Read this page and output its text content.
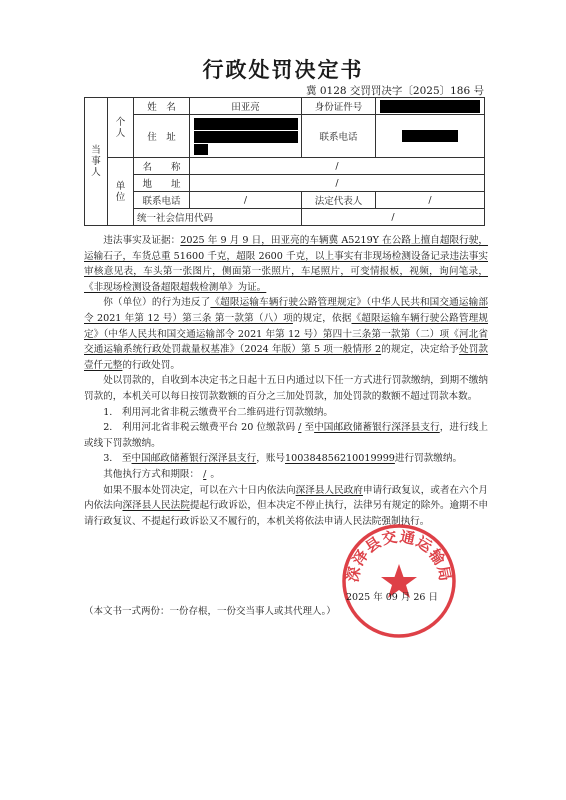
行政处罚决定书
冀 0128 交罚罚决字〔2025〕186 号
当事人	个人	姓　名	田亚亮	身份证件号	
		住　址		联系电话	
	单位	名　　称	/		
		地　　址	/		
		联系电话	/	法定代表人	/
		统一社会信用代码		/	

违法事实及证据：2025 年 9 月 9 日，田亚亮的车辆冀 A5219Y 在公路上擅自超限行驶，运输石子，车货总重 51600 千克，超限 2600 千克，以上事实有非现场检测设备记录违法事实审核意见表，车头第一张图片，侧面第一张照片，车尾照片，可变情报板，视频，询问笔录，《非现场检测设备超限超载检测单》为证。

你（单位）的行为违反了《超限运输车辆行驶公路管理规定》（中华人民共和国交通运输部令 2021 年第 12 号）第三条 第一款第（八）项的规定，依据《超限运输车辆行驶公路管理规定》（中华人民共和国交通运输部令 2021 年第 12 号）第四十三条第一款第（二）项《河北省交通运输系统行政处罚裁量权基准》（2024 年版）第 5 项一般情形 2的规定，决定给予处罚款壹仟元整的行政处罚。

处以罚款的，自收到本决定书之日起十五日内通过以下任一方式进行罚款缴纳，到期不缴纳罚款的，本机关可以每日按罚款数额的百分之三加处罚款，加处罚款的数额不超过罚款本数。

1.　利用河北省非税云缴费平台二维码进行罚款缴纳。

2.　利用河北省非税云缴费平台 20 位缴款码 / 至中国邮政储蓄银行深泽县支行，进行线上或线下罚款缴纳。

3.　至中国邮政储蓄银行深泽县支行，账号100384856210019999进行罚款缴纳。

其他执行方式和期限： / 。

如果不服本处罚决定，可以在六十日内依法向深泽县人民政府申请行政复议，或者在六个月内依法向深泽县人民法院提起行政诉讼，但本决定不停止执行，法律另有规定的除外。逾期不申请行政复议、不提起行政诉讼又不履行的，本机关将依法申请人民法院强制执行。

深泽县交通运输局
2025 年 09 月 26 日
（本文书一式两份：一份存根，一份交当事人或其代理人。）
